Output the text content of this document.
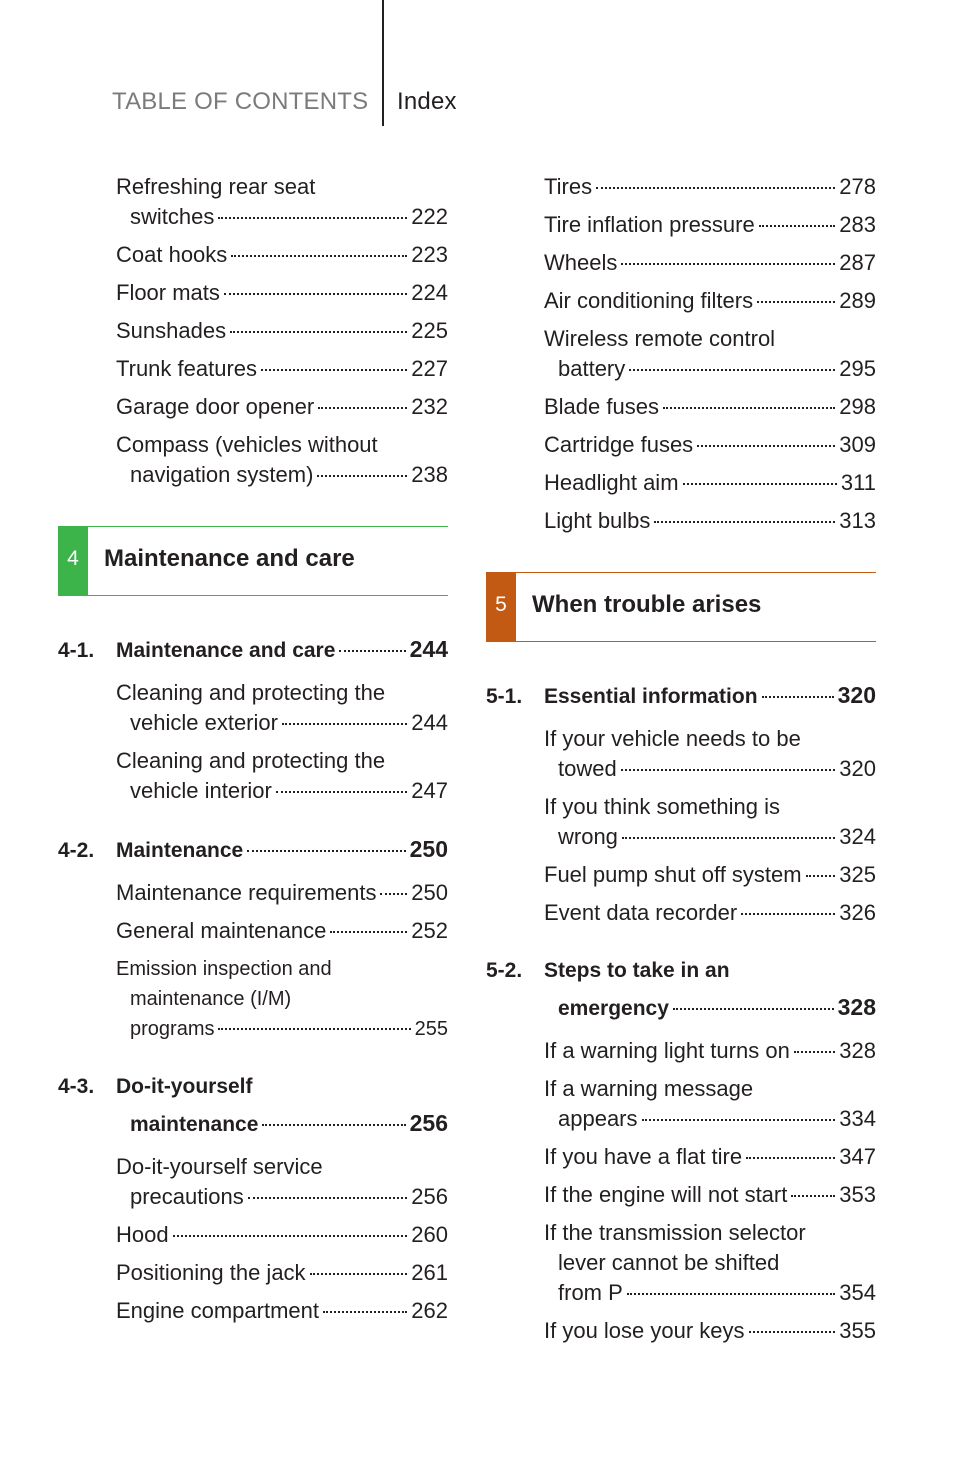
TABLE OF CONTENTS Index
Refreshing rear seat
switches	222
Coat hooks	223
Floor mats	224
Sunshades	225
Trunk features	227
Garage door opener	232
Compass (vehicles without
navigation system)	238
4	Maintenance and care
4-1.	Maintenance and care	244
Cleaning and protecting the
vehicle exterior	244
Cleaning and protecting the
vehicle interior	247
4-2.	Maintenance	250
Maintenance requirements 250
General maintenance	252
Emission inspection and
maintenance (I/M)
programs	255
4-3.	Do-it-yourself
maintenance	256
Do-it-yourself service
precautions	256
Hood	260
Positioning the jack	261
Engine compartment	262
Tires	278
Tire inflation pressure	283
Wheels	287
Air conditioning filters	289
Wireless remote control
battery	295
Blade fuses	298
Cartridge fuses	309
Headlight aim	311
Light bulbs	313
5	When trouble arises
5-1.	Essential information	320
If your vehicle needs to be
towed	320
If you think something is
wrong	324
Fuel pump shut off system 325
Event data recorder	326
5-2.	Steps to take in an
emergency	328
If a warning light turns on 328
If a warning message
appears	334
If you have a flat tire	347
If the engine will not start 353
If the transmission selector
lever cannot be shifted
from P	354
If you lose your keys	355
